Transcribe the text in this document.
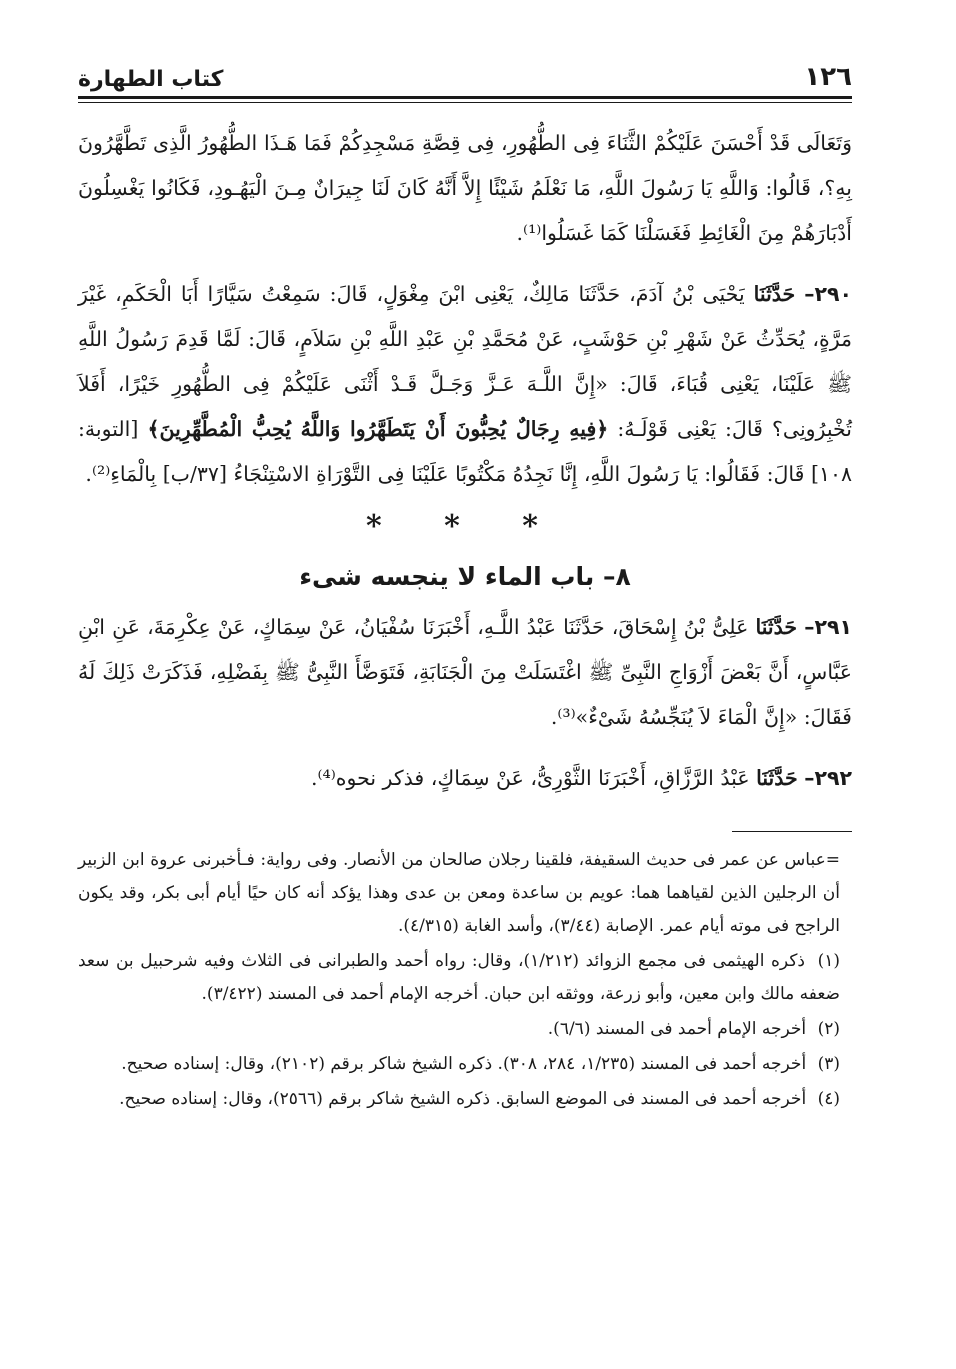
١٢٦
كتاب الطهارة

وَتَعَالَى قَدْ أَحْسَنَ عَلَيْكُمْ الثَّنَاءَ فِى الطُّهُورِ، فِى قِصَّةِ مَسْجِدِكُمْ فَمَا هَـذَا الطُّهُورُ الَّذِى تَطَّهَّرُونَ بِهِ؟، قَالُوا: وَاللَّهِ يَا رَسُولَ اللَّهِ، مَا نَعْلَمُ شَيْئًا إِلاَّ أَنَّهُ كَانَ لَنَا جِيرَانٌ مِـنَ الْيَهُـودِ، فَكَانُوا يَغْسِلُونَ أَدْبَارَهُمْ مِنَ الْغَائِطِ فَغَسَلْنَا كَمَا غَسَلُوا⁽¹⁾.

٢٩٠– حَدَّثَنَا يَحْيَى بْنُ آدَمَ، حَدَّثَنَا مَالِكٌ، يَعْنِى ابْنَ مِغْوَلٍ، قَالَ: سَمِعْتُ سَيَّارًا أَبَا الْحَكَمِ، غَيْرَ مَرَّةٍ، يُحَدِّثُ عَنْ شَهْرِ بْنِ حَوْشَبٍ، عَنْ مُحَمَّدِ بْنِ عَبْدِ اللَّهِ بْنِ سَلاَمٍ، قَالَ: لَمَّا قَدِمَ رَسُولُ اللَّهِ ﷺ عَلَيْنَا، يَعْنِى قُبَاءَ، قَالَ: «إِنَّ اللَّـهَ عَـزَّ وَجَـلَّ قَـدْ أَثْنَى عَلَيْكُمْ فِى الطُّهُورِ خَيْرًا، أَفَلاَ تُخْبِرُونِى؟ قَالَ: يَعْنِى قَوْلَـهُ: ﴿فِيهِ رِجَالٌ يُحِبُّونَ أَنْ يَتَطَهَّرُوا وَاللَّهُ يُحِبُّ الْمُطَّهِّرِينَ﴾ [التوبة: ١٠٨] قَالَ: فَقَالُوا: يَا رَسُولَ اللَّهِ، إِنَّا نَجِدُهُ مَكْتُوبًا عَلَيْنَا فِى التَّوْرَاةِ الاسْتِنْجَاءُ [٣٧/ب] بِالْمَاءِ⁽²⁾.

* * *
٨– باب الماء لا ينجسه شىء

٢٩١– حَدَّثَنَا عَلِىُّ بْنُ إِسْحَاقَ، حَدَّثَنَا عَبْدُ اللَّـهِ، أَخْبَرَنَا سُفْيَانُ، عَنْ سِمَاكٍ، عَنْ عِكْرِمَةَ، عَنِ ابْنِ عَبَّاسٍ، أَنَّ بَعْضَ أَزْوَاجِ النَّبِىِّ ﷺ اغْتَسَلَتْ مِنَ الْجَنَابَةِ، فَتَوَضَّأَ النَّبِىُّ ﷺ بِفَضْلِهِ، فَذَكَرَتْ ذَلِكَ لَهُ فَقَالَ: «إِنَّ الْمَاءَ لاَ يُنَجِّسُهُ شَىْءٌ»⁽³⁾.

٢٩٢– حَدَّثَنَا عَبْدُ الرَّزَّاقِ، أَخْبَرَنَا الثَّوْرِىُّ، عَنْ سِمَاكٍ، فذكر نحوه⁽⁴⁾.

=عباس عن عمر فى حديث السقيفة، فلقينا رجلان صالحان من الأنصار. وفى رواية: فـأخبرنى عروة ابن الزبير أن الرجلين الذين لقياهما هما: عويم بن ساعدة ومعن بن عدى وهذا يؤكد أنه كان حيًا أيام أبى بكر، وقد يكون الراجح فى موته أيام عمر. الإصابة (٣/٤٤)، وأسد الغابة (٤/٣١٥).

(١) ذكره الهيثمى فى مجمع الزوائد (١/٢١٢)، وقال: رواه أحمد والطبرانى فى الثلاث وفيه شرحبيل بن سعد ضعفه مالك وابن معين، وأبو زرعة، ووثقه ابن حبان. أخرجه الإمام أحمد فى المسند (٣/٤٢٢).

(٢) أخرجه الإمام أحمد فى المسند (٦/٦).

(٣) أخرجه أحمد فى المسند (١/٢٣٥، ٢٨٤، ٣٠٨). ذكره الشيخ شاكر برقم (٢١٠٢)، وقال: إسناده صحيح.

(٤) أخرجه أحمد فى المسند فى الموضع السابق. ذكره الشيخ شاكر برقم (٢٥٦٦)، وقال: إسناده صحيح.
